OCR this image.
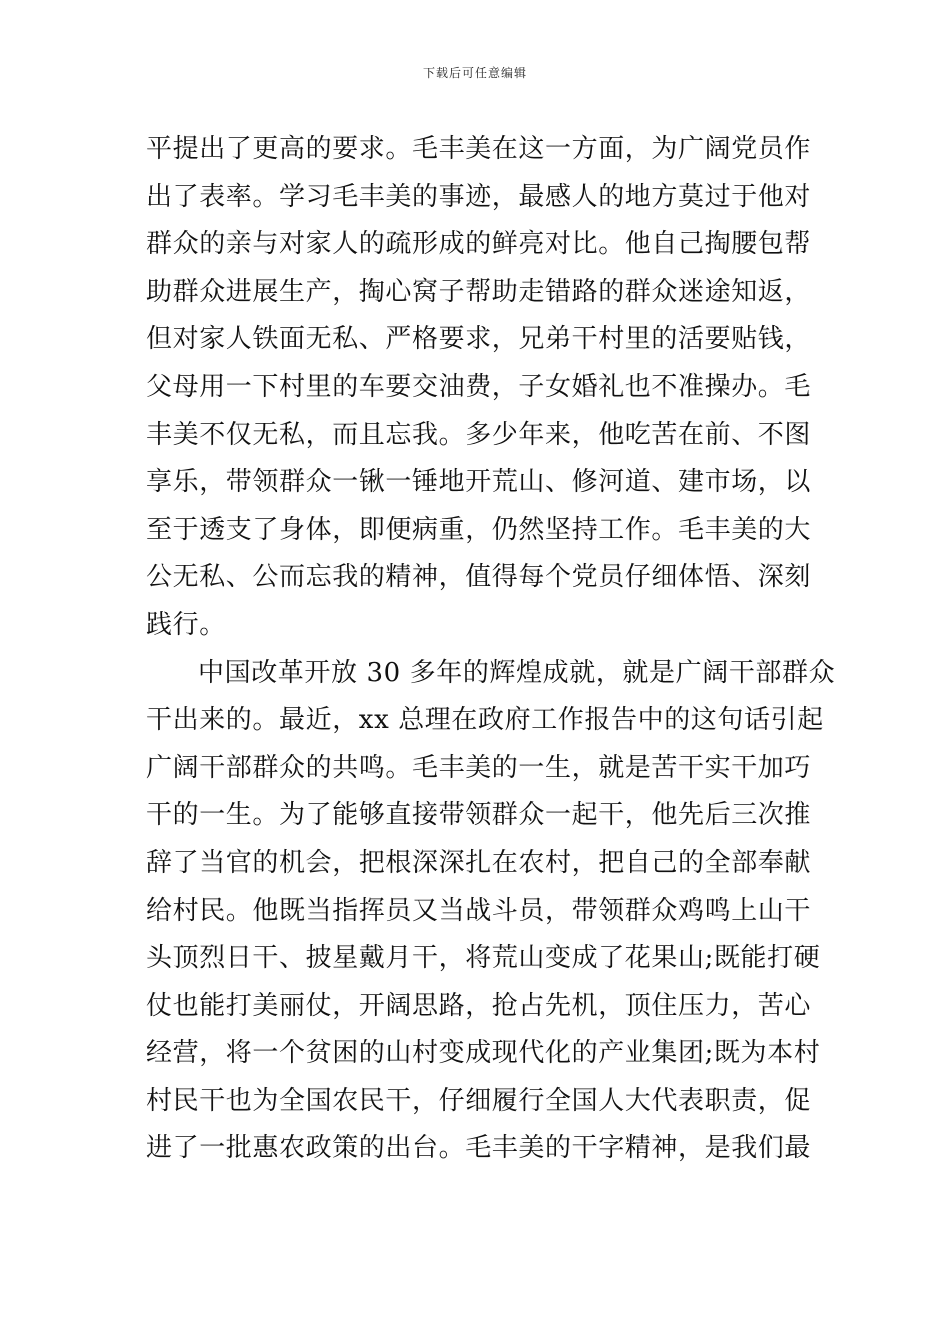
下载后可任意编辑
平提出了更高的要求。毛丰美在这一方面，为广阔党员作
出了表率。学习毛丰美的事迹，最感人的地方莫过于他对
群众的亲与对家人的疏形成的鲜亮对比。他自己掏腰包帮
助群众进展生产，掏心窝子帮助走错路的群众迷途知返，
但对家人铁面无私、严格要求，兄弟干村里的活要贴钱，
父母用一下村里的车要交油费，子女婚礼也不准操办。毛
丰美不仅无私，而且忘我。多少年来，他吃苦在前、不图
享乐，带领群众一锹一锤地开荒山、修河道、建市场，以
至于透支了身体，即便病重，仍然坚持工作。毛丰美的大
公无私、公而忘我的精神，值得每个党员仔细体悟、深刻
践行。
中国改革开放 30 多年的辉煌成就，就是广阔干部群众
干出来的。最近，xx 总理在政府工作报告中的这句话引起
广阔干部群众的共鸣。毛丰美的一生，就是苦干实干加巧
干的一生。为了能够直接带领群众一起干，他先后三次推
辞了当官的机会，把根深深扎在农村，把自己的全部奉献
给村民。他既当指挥员又当战斗员，带领群众鸡鸣上山干
头顶烈日干、披星戴月干，将荒山变成了花果山;既能打硬
仗也能打美丽仗，开阔思路，抢占先机，顶住压力，苦心
经营，将一个贫困的山村变成现代化的产业集团;既为本村
村民干也为全国农民干，仔细履行全国人大代表职责，促
进了一批惠农政策的出台。毛丰美的干字精神，是我们最
